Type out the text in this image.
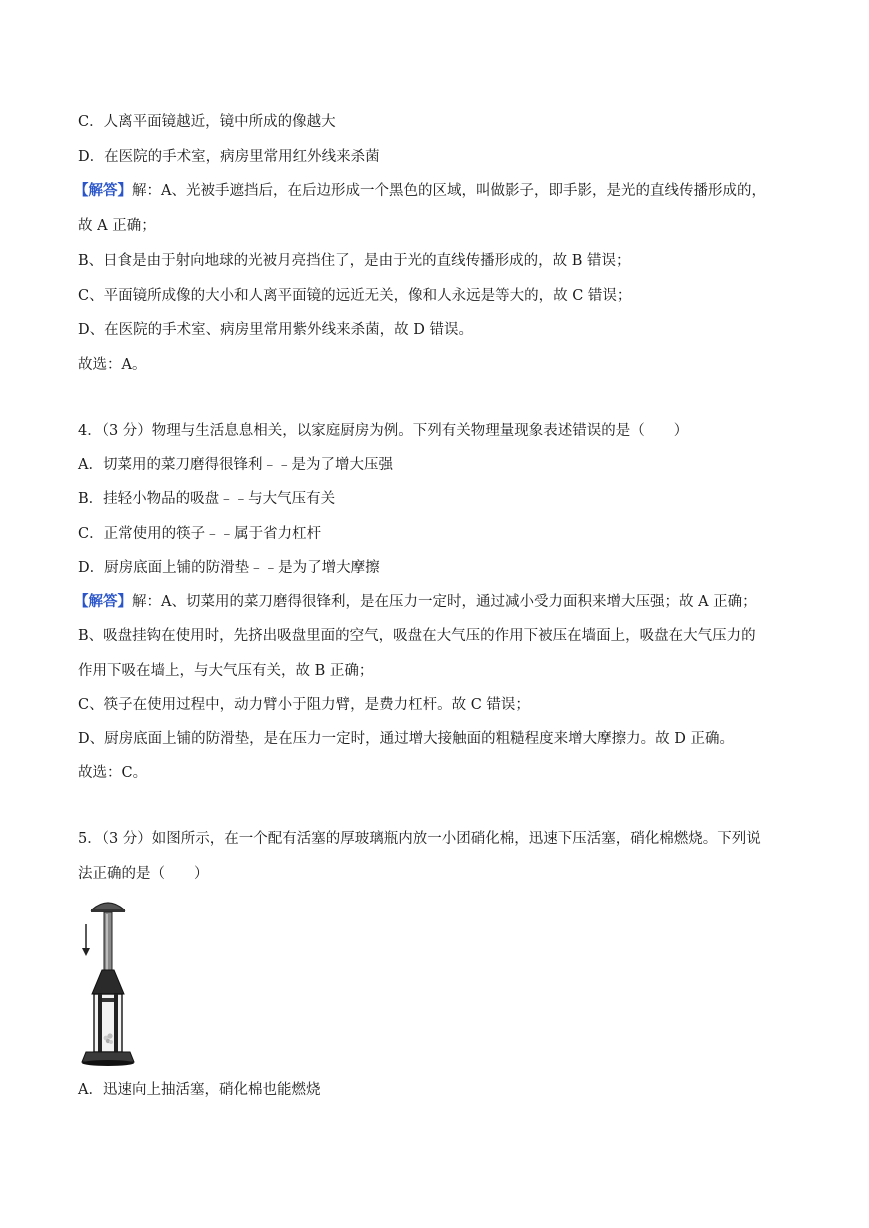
C．人离平面镜越近，镜中所成的像越大
D．在医院的手术室，病房里常用红外线来杀菌
【解答】解：A、光被手遮挡后，在后边形成一个黑色的区域，叫做影子，即手影，是光的直线传播形成的，
故 A 正确；
B、日食是由于射向地球的光被月亮挡住了，是由于光的直线传播形成的，故 B 错误；
C、平面镜所成像的大小和人离平面镜的远近无关，像和人永远是等大的，故 C 错误；
D、在医院的手术室、病房里常用紫外线来杀菌，故 D 错误。
故选：A。
4．（3 分）物理与生活息息相关，以家庭厨房为例。下列有关物理量现象表述错误的是（　　）
A．切菜用的菜刀磨得很锋利﹣﹣是为了增大压强
B．挂轻小物品的吸盘﹣﹣与大气压有关
C．正常使用的筷子﹣﹣属于省力杠杆
D．厨房底面上铺的防滑垫﹣﹣是为了增大摩擦
【解答】解：A、切菜用的菜刀磨得很锋利，是在压力一定时，通过减小受力面积来增大压强；故 A 正确；
B、吸盘挂钩在使用时，先挤出吸盘里面的空气，吸盘在大气压的作用下被压在墙面上，吸盘在大气压力的
作用下吸在墙上，与大气压有关，故 B 正确；
C、筷子在使用过程中，动力臂小于阻力臂，是费力杠杆。故 C 错误；
D、厨房底面上铺的防滑垫，是在压力一定时，通过增大接触面的粗糙程度来增大摩擦力。故 D 正确。
故选：C。
5．（3 分）如图所示，在一个配有活塞的厚玻璃瓶内放一小团硝化棉，迅速下压活塞，硝化棉燃烧。下列说
法正确的是（　　）
A．迅速向上抽活塞，硝化棉也能燃烧
